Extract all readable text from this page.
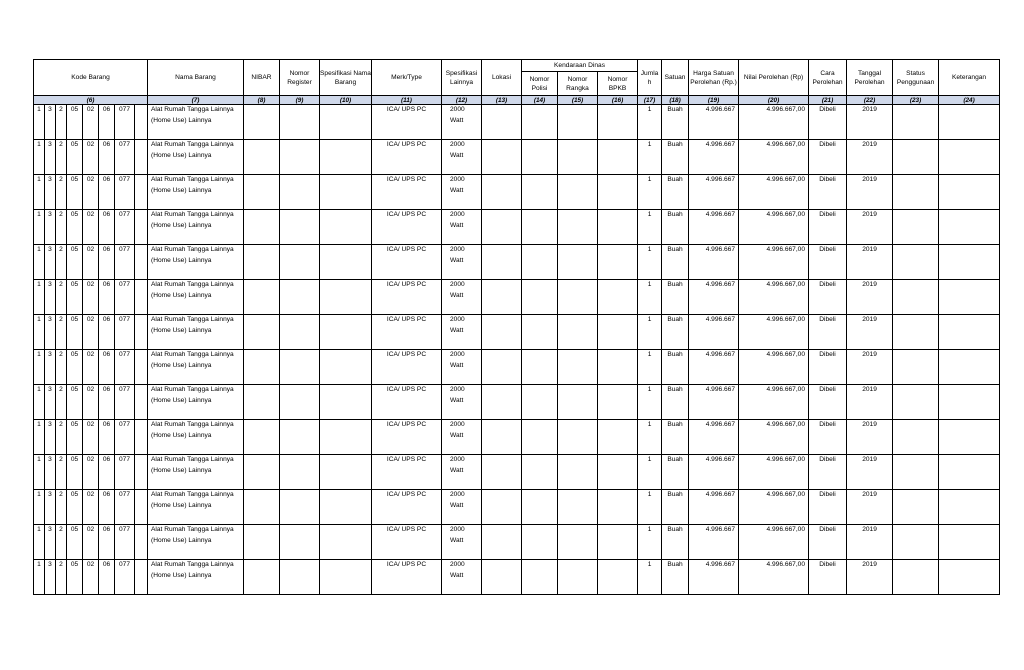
Kode Barang								Nama Barang	NIBAR	Nomor Register	Spesifikasi Nama Barang	Merk/Type	Spesifikasi Lainnya	Lokasi	Kendaraan Dinas			Jumla h	Satuan	Harga Satuan Perolehan (Rp.)	Nilai Perolehan (Rp)	Cara Perolehan	Tanggal Perolehan	Status Penggunaan	Keterangan
															Nomor Polisi	Nomor Rangka	Nomor BPKB								
(6)								(7)	(8)	(9)	(10)	(11)	(12)	(13)	(14)	(15)	(16)	(17)	(18)	(19)	(20)	(21)	(22)	(23)	(24)
1	3	2	05	02	06	077		Alat Rumah Tangga Lainnya (Home Use) Lainnya				ICA/ UPS PC	2000 Watt					1	Buah	4.996.667	4.996.667,00	Dibeli	2019		
1	3	2	05	02	06	077		Alat Rumah Tangga Lainnya (Home Use) Lainnya				ICA/ UPS PC	2000 Watt					1	Buah	4.996.667	4.996.667,00	Dibeli	2019		
1	3	2	05	02	06	077		Alat Rumah Tangga Lainnya (Home Use) Lainnya				ICA/ UPS PC	2000 Watt					1	Buah	4.996.667	4.996.667,00	Dibeli	2019		
1	3	2	05	02	06	077		Alat Rumah Tangga Lainnya (Home Use) Lainnya				ICA/ UPS PC	2000 Watt					1	Buah	4.996.667	4.996.667,00	Dibeli	2019		
1	3	2	05	02	06	077		Alat Rumah Tangga Lainnya (Home Use) Lainnya				ICA/ UPS PC	2000 Watt					1	Buah	4.996.667	4.996.667,00	Dibeli	2019		
1	3	2	05	02	06	077		Alat Rumah Tangga Lainnya (Home Use) Lainnya				ICA/ UPS PC	2000 Watt					1	Buah	4.996.667	4.996.667,00	Dibeli	2019		
1	3	2	05	02	06	077		Alat Rumah Tangga Lainnya (Home Use) Lainnya				ICA/ UPS PC	2000 Watt					1	Buah	4.996.667	4.996.667,00	Dibeli	2019		
1	3	2	05	02	06	077		Alat Rumah Tangga Lainnya (Home Use) Lainnya				ICA/ UPS PC	2000 Watt					1	Buah	4.996.667	4.996.667,00	Dibeli	2019		
1	3	2	05	02	06	077		Alat Rumah Tangga Lainnya (Home Use) Lainnya				ICA/ UPS PC	2000 Watt					1	Buah	4.996.667	4.996.667,00	Dibeli	2019		
1	3	2	05	02	06	077		Alat Rumah Tangga Lainnya (Home Use) Lainnya				ICA/ UPS PC	2000 Watt					1	Buah	4.996.667	4.996.667,00	Dibeli	2019		
1	3	2	05	02	06	077		Alat Rumah Tangga Lainnya (Home Use) Lainnya				ICA/ UPS PC	2000 Watt					1	Buah	4.996.667	4.996.667,00	Dibeli	2019		
1	3	2	05	02	06	077		Alat Rumah Tangga Lainnya (Home Use) Lainnya				ICA/ UPS PC	2000 Watt					1	Buah	4.996.667	4.996.667,00	Dibeli	2019		
1	3	2	05	02	06	077		Alat Rumah Tangga Lainnya (Home Use) Lainnya				ICA/ UPS PC	2000 Watt					1	Buah	4.996.667	4.996.667,00	Dibeli	2019		
1	3	2	05	02	06	077		Alat Rumah Tangga Lainnya (Home Use) Lainnya				ICA/ UPS PC	2000 Watt					1	Buah	4.996.667	4.996.667,00	Dibeli	2019		
